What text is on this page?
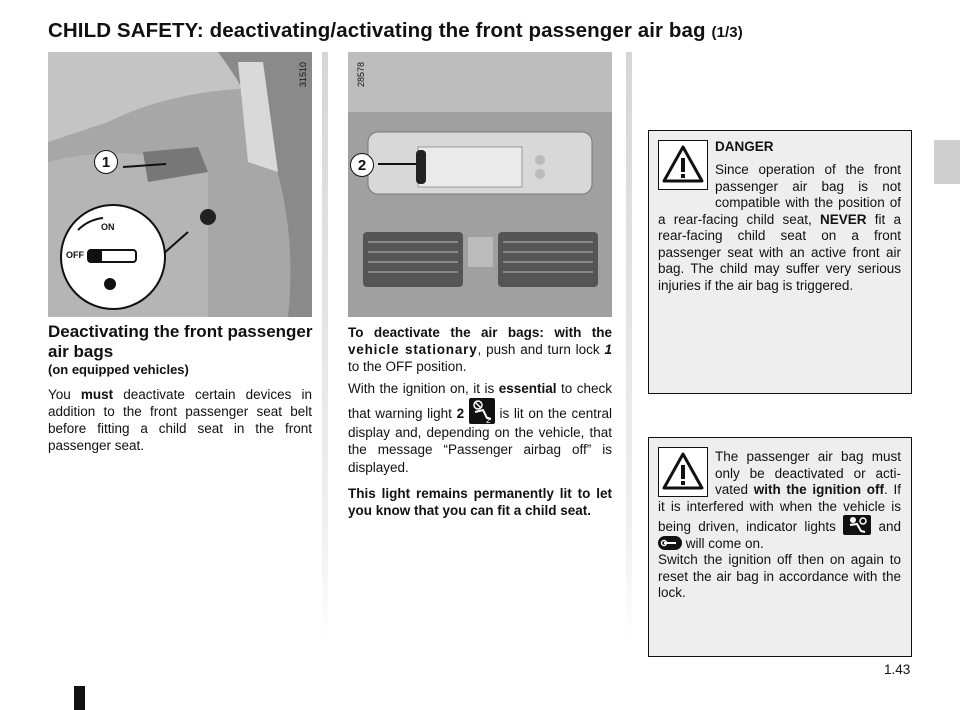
CHILD SAFETY: deactivating/activating the front passenger air bag (1/3)
31510
1
ON
OFF
28578
2
Deactivating the front passenger air bags
(on equipped vehicles)

You must deactivate certain devices in addition to the front passenger seat belt before fitting a child seat in the front passenger seat.

To deactivate the air bags: with the vehicle stationary, push and turn lock 1 to the OFF position.

With the ignition on, it is essential to check that warning light 2	2 is lit on the central display and, depending on the vehicle, that the message “Passenger airbag off” is displayed.

This light remains permanently lit to let you know that you can fit a child seat.

DANGER
Since operation of the front passenger air bag is not compatible with the position of a rear-facing child seat, NEVER fit a rear-facing child seat on a front passenger seat with an active front air bag. The child may suffer very serious injuries if the air bag is triggered.
The passenger air bag must only be deactivated or activated with the ignition off. If it is interfered with when the vehicle is being driven, indicator lights  and  will come on.
Switch the ignition off then on again to reset the air bag in accordance with the lock.
1.43
